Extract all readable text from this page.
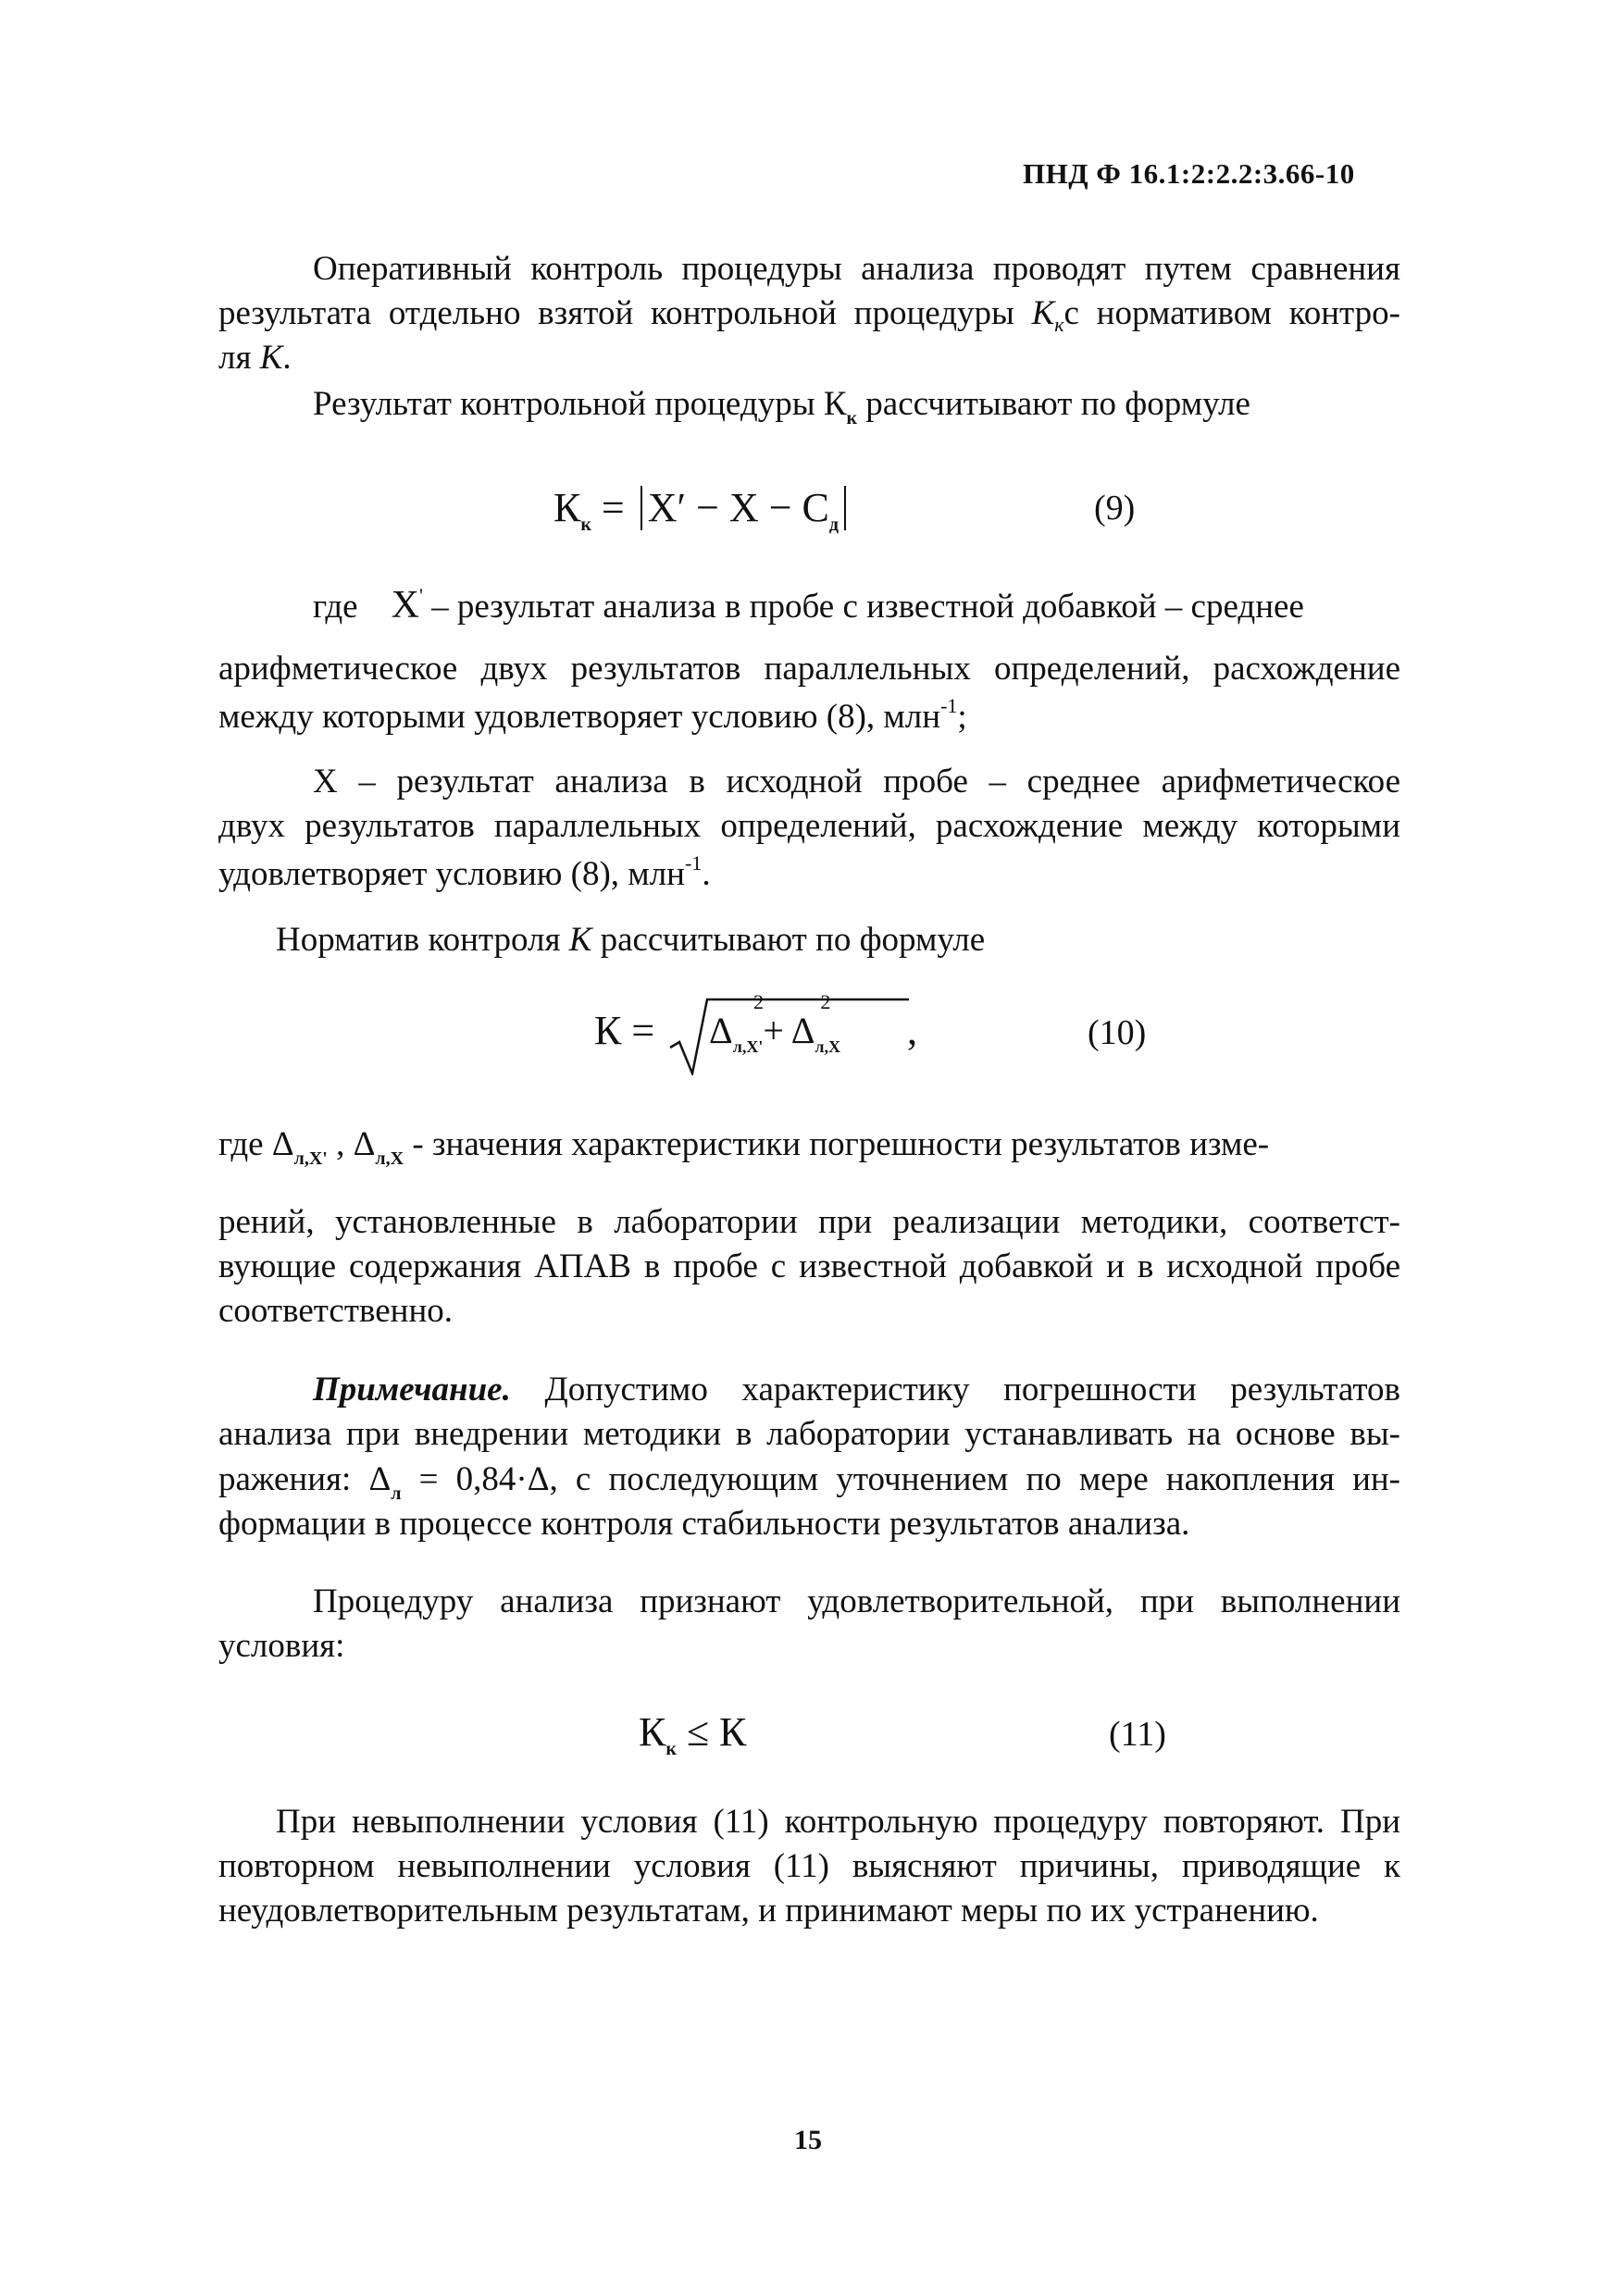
ПНД Ф 16.1:2:2.2:3.66-10
Оперативный контроль процедуры анализа проводят путем сравнения
результата отдельно взятой контрольной процедуры $К_кс$ нормативом контро-
ля К.
Результат контрольной процедуры $К_к$ рассчитывают по формуле
$К_к = X' - X - C_д$	(9)
где X' – результат анализа в пробе с известной добавкой – среднее
арифметическое двух результатов параллельных определений, расхождение
между которыми удовлетворяет условию (8), млн$^{-1}$;
X – результат анализа в исходной пробе – среднее арифметическое
двух результатов параллельных определений, расхождение между которыми
удовлетворяет условию (8), млн$^{-1}$.
Норматив контроля К рассчитывают по формуле
$К = \Delta_{л,X'}$
2
+ $\Delta_{л,X}$
2
,	(10)
где $\Delta_{л,X'}$ , $\Delta_{л,X}$ - значения характеристики погрешности результатов изме-
рений, установленные в лаборатории при реализации методики, соответст-
вующие содержания АПАВ в пробе с известной добавкой и в исходной пробе
соответственно.
Примечание. Допустимо характеристику погрешности результатов
анализа при внедрении методики в лаборатории устанавливать на основе вы-
ражения: $\Delta_л = 0,84\cdot\Delta$, с последующим уточнением по мере накопления ин-
формации в процессе контроля стабильности результатов анализа.
Процедуру анализа признают удовлетворительной, при выполнении
условия:
$К_к \le К$	(11)
При невыполнении условия (11) контрольную процедуру повторяют. При
повторном невыполнении условия (11) выясняют причины, приводящие к
неудовлетворительным результатам, и принимают меры по их устранению.
15
